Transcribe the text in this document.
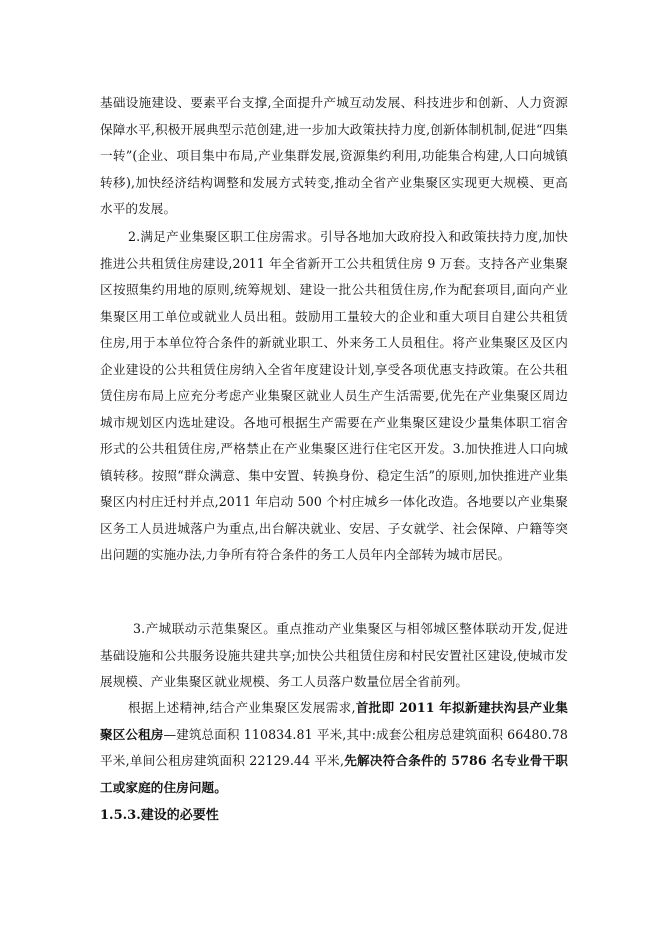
基础设施建设、要素平台支撑,全面提升产城互动发展、科技进步和创新、人力资源保障水平,积极开展典型示范创建,进一步加大政策扶持力度,创新体制机制,促进“四集一转”(企业、项目集中布局,产业集群发展,资源集约利用,功能集合构建,人口向城镇转移),加快经济结构调整和发展方式转变,推动全省产业集聚区实现更大规模、更高水平的发展。

2.满足产业集聚区职工住房需求。引导各地加大政府投入和政策扶持力度,加快推进公共租赁住房建设,2011 年全省新开工公共租赁住房 9 万套。支持各产业集聚区按照集约用地的原则,统筹规划、建设一批公共租赁住房,作为配套项目,面向产业集聚区用工单位或就业人员出租。鼓励用工量较大的企业和重大项目自建公共租赁住房,用于本单位符合条件的新就业职工、外来务工人员租住。将产业集聚区及区内企业建设的公共租赁住房纳入全省年度建设计划,享受各项优惠支持政策。在公共租赁住房布局上应充分考虑产业集聚区就业人员生产生活需要,优先在产业集聚区周边城市规划区内选址建设。各地可根据生产需要在产业集聚区建设少量集体职工宿舍形式的公共租赁住房,严格禁止在产业集聚区进行住宅区开发。3.加快推进人口向城镇转移。按照“群众满意、集中安置、转换身份、稳定生活”的原则,加快推进产业集聚区内村庄迁村并点,2011 年启动 500 个村庄城乡一体化改造。各地要以产业集聚区务工人员进城落户为重点,出台解决就业、安居、子女就学、社会保障、户籍等突出问题的实施办法,力争所有符合条件的务工人员年内全部转为城市居民。

3.产城联动示范集聚区。重点推动产业集聚区与相邻城区整体联动开发,促进基础设施和公共服务设施共建共享;加快公共租赁住房和村民安置社区建设,使城市发展规模、产业集聚区就业规模、务工人员落户数量位居全省前列。

根据上述精神,结合产业集聚区发展需求,首批即 2011 年拟新建扶沟县产业集聚区公租房—建筑总面积 110834.81 平米,其中:成套公租房总建筑面积 66480.78 平米,单间公租房建筑面积 22129.44 平米,先解决符合条件的 5786 名专业骨干职工或家庭的住房问题。

1.5.3.建设的必要性
